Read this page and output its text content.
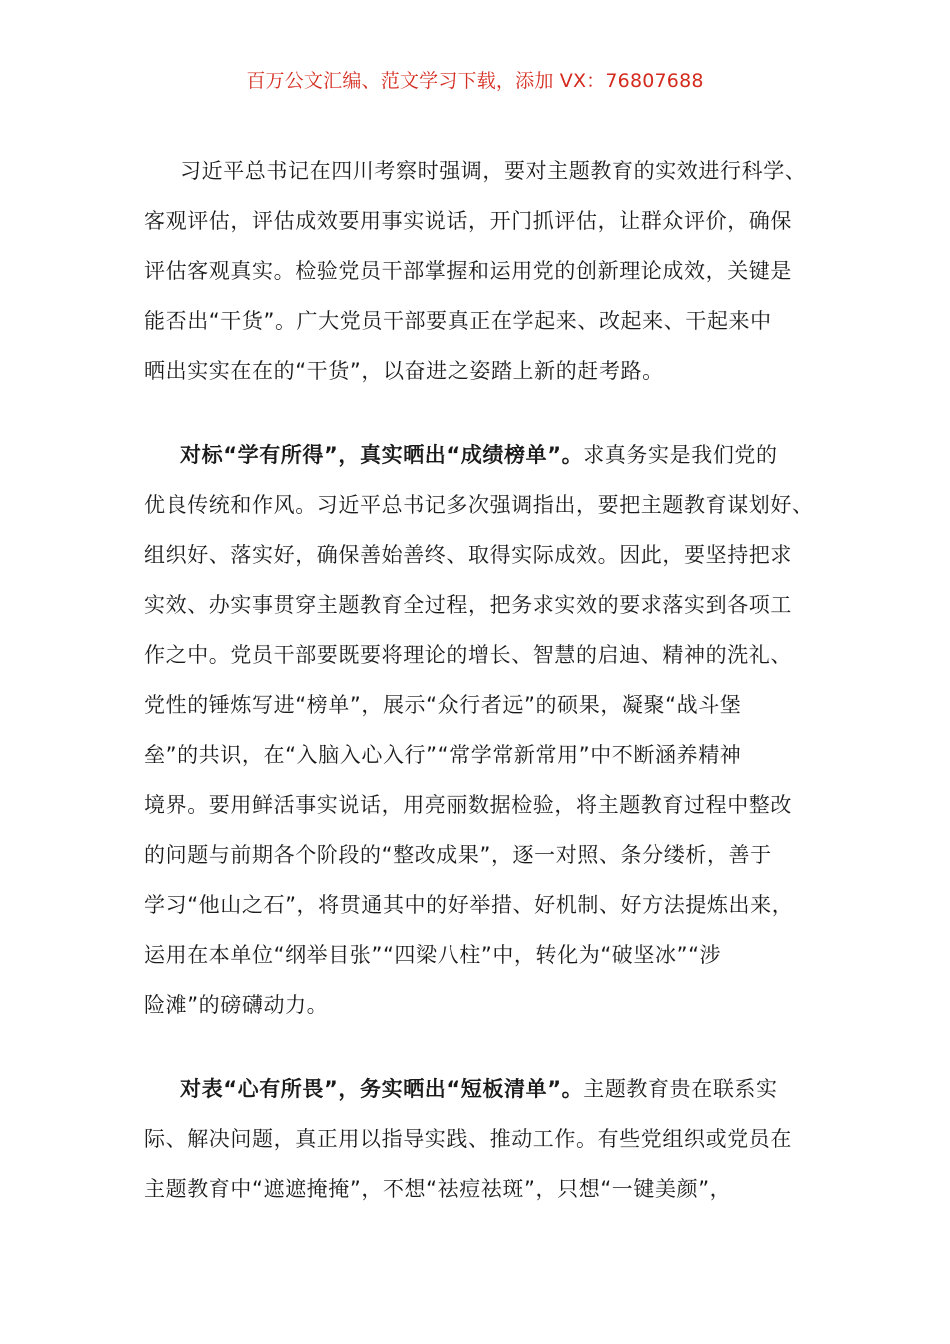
百万公文汇编、范文学习下载，添加 VX：76807688
习近平总书记在四川考察时强调，要对主题教育的实效进行科学、
客观评估，评估成效要用事实说话，开门抓评估，让群众评价，确保
评估客观真实。检验党员干部掌握和运用党的创新理论成效，关键是
能否出“干货”。广大党员干部要真正在学起来、改起来、干起来中
晒出实实在在的“干货”，以奋进之姿踏上新的赶考路。
对标“学有所得”，真实晒出“成绩榜单”。求真务实是我们党的
优良传统和作风。习近平总书记多次强调指出，要把主题教育谋划好、
组织好、落实好，确保善始善终、取得实际成效。因此，要坚持把求
实效、办实事贯穿主题教育全过程，把务求实效的要求落实到各项工
作之中。党员干部要既要将理论的增长、智慧的启迪、精神的洗礼、
党性的锤炼写进“榜单”，展示“众行者远”的硕果，凝聚“战斗堡
垒”的共识，在“入脑入心入行”“常学常新常用”中不断涵养精神
境界。要用鲜活事实说话，用亮丽数据检验，将主题教育过程中整改
的问题与前期各个阶段的“整改成果”，逐一对照、条分缕析，善于
学习“他山之石”，将贯通其中的好举措、好机制、好方法提炼出来，
运用在本单位“纲举目张”“四梁八柱”中，转化为“破坚冰”“涉
险滩”的磅礴动力。
对表“心有所畏”，务实晒出“短板清单”。主题教育贵在联系实
际、解决问题，真正用以指导实践、推动工作。有些党组织或党员在
主题教育中“遮遮掩掩”，不想“祛痘祛斑”，只想“一键美颜”，
